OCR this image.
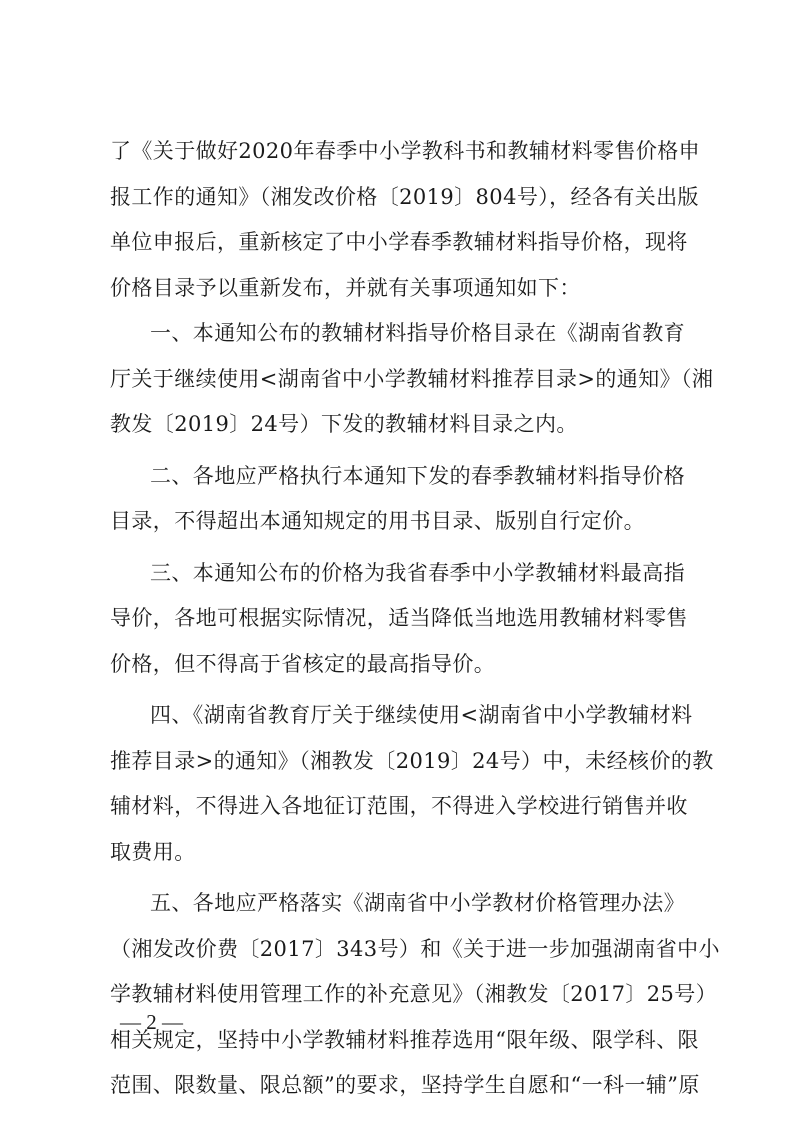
了《关于做好2020年春季中小学教科书和教辅材料零售价格申
报工作的通知》（湘发改价格〔2019〕804号），经各有关出版
单位申报后，重新核定了中小学春季教辅材料指导价格，现将
价格目录予以重新发布，并就有关事项通知如下：
一、本通知公布的教辅材料指导价格目录在《湖南省教育
厅关于继续使用<湖南省中小学教辅材料推荐目录>的通知》（湘
教发〔2019〕24号）下发的教辅材料目录之内。
二、各地应严格执行本通知下发的春季教辅材料指导价格
目录，不得超出本通知规定的用书目录、版别自行定价。
三、本通知公布的价格为我省春季中小学教辅材料最高指
导价，各地可根据实际情况，适当降低当地选用教辅材料零售
价格，但不得高于省核定的最高指导价。
四、《湖南省教育厅关于继续使用<湖南省中小学教辅材料
推荐目录>的通知》（湘教发〔2019〕24号）中，未经核价的教
辅材料，不得进入各地征订范围，不得进入学校进行销售并收
取费用。
五、各地应严格落实《湖南省中小学教材价格管理办法》
（湘发改价费〔2017〕343号）和《关于进一步加强湖南省中小
学教辅材料使用管理工作的补充意见》（湘教发〔2017〕25号）
相关规定，坚持中小学教辅材料推荐选用“限年级、限学科、限
范围、限数量、限总额”的要求，坚持学生自愿和“一科一辅”原
— 2 —
